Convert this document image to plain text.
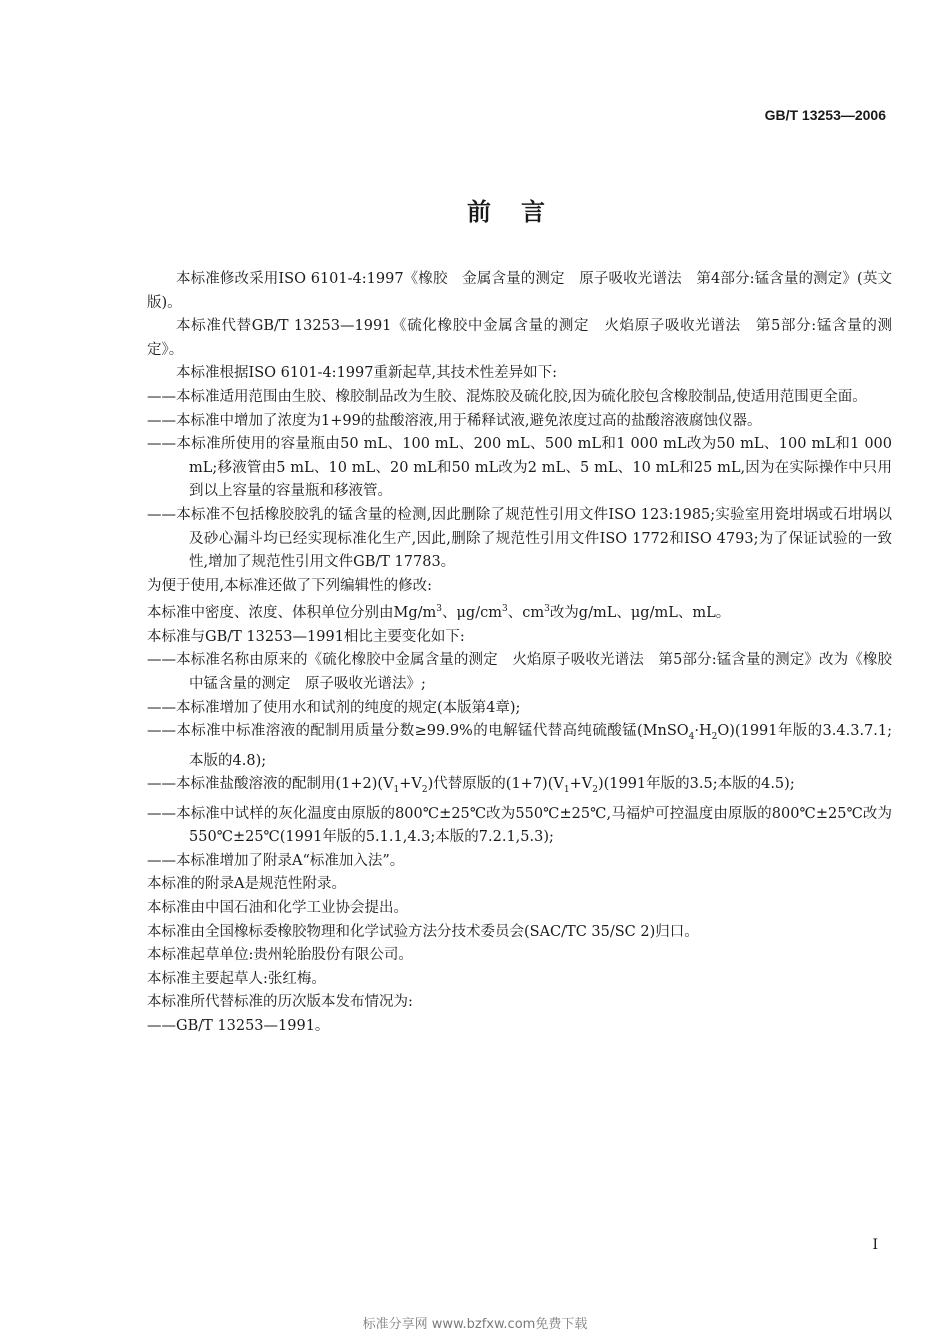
GB/T 13253—2006
前言

本标准修改采用ISO 6101-4:1997《橡胶　金属含量的测定　原子吸收光谱法　第4部分:锰含量的测定》(英文版)。

本标准代替GB/T 13253—1991《硫化橡胶中金属含量的测定　火焰原子吸收光谱法　第5部分:锰含量的测定》。

本标准根据ISO 6101-4:1997重新起草,其技术性差异如下:

——本标准适用范围由生胶、橡胶制品改为生胶、混炼胶及硫化胶,因为硫化胶包含橡胶制品,使适用范围更全面。

——本标准中增加了浓度为1+99的盐酸溶液,用于稀释试液,避免浓度过高的盐酸溶液腐蚀仪器。

——本标准所使用的容量瓶由50 mL、100 mL、200 mL、500 mL和1 000 mL改为50 mL、100 mL和1 000 mL;移液管由5 mL、10 mL、20 mL和50 mL改为2 mL、5 mL、10 mL和25 mL,因为在实际操作中只用到以上容量的容量瓶和移液管。

——本标准不包括橡胶胶乳的锰含量的检测,因此删除了规范性引用文件ISO 123:1985;实验室用瓷坩埚或石坩埚以及砂心漏斗均已经实现标准化生产,因此,删除了规范性引用文件ISO 1772和ISO 4793;为了保证试验的一致性,增加了规范性引用文件GB/T 17783。

为便于使用,本标准还做了下列编辑性的修改:

本标准中密度、浓度、体积单位分别由$Mg/m^3$、$\mu g/cm^3$、$cm^3$改为g/mL、μg/mL、mL。

本标准与GB/T 13253—1991相比主要变化如下:

——本标准名称由原来的《硫化橡胶中金属含量的测定　火焰原子吸收光谱法　第5部分:锰含量的测定》改为《橡胶中锰含量的测定　原子吸收光谱法》;

——本标准增加了使用水和试剂的纯度的规定(本版第4章);

——本标准中标准溶液的配制用质量分数≥99.9%的电解锰代替高纯硫酸锰$(MnSO_4\cdot H_2O)(1991$年版的3.4.3.7.1;本版的4.8);

——本标准盐酸溶液的配制用$(1+2)(V_1+V_2)$代替原版的$(1+7)(V_1+V_2)(1991$年版的3.5;本版的4.5);

——本标准中试样的灰化温度由原版的800℃±25℃改为550℃±25℃,马福炉可控温度由原版的800℃±25℃改为550℃±25℃(1991年版的5.1.1,4.3;本版的7.2.1,5.3);

——本标准增加了附录A“标准加入法”。

本标准的附录A是规范性附录。

本标准由中国石油和化学工业协会提出。

本标准由全国橡标委橡胶物理和化学试验方法分技术委员会(SAC/TC 35/SC 2)归口。

本标准起草单位:贵州轮胎股份有限公司。

本标准主要起草人:张红梅。

本标准所代替标准的历次版本发布情况为:

——GB/T 13253—1991。

I
标准分享网 www.bzfxw.com免费下载
